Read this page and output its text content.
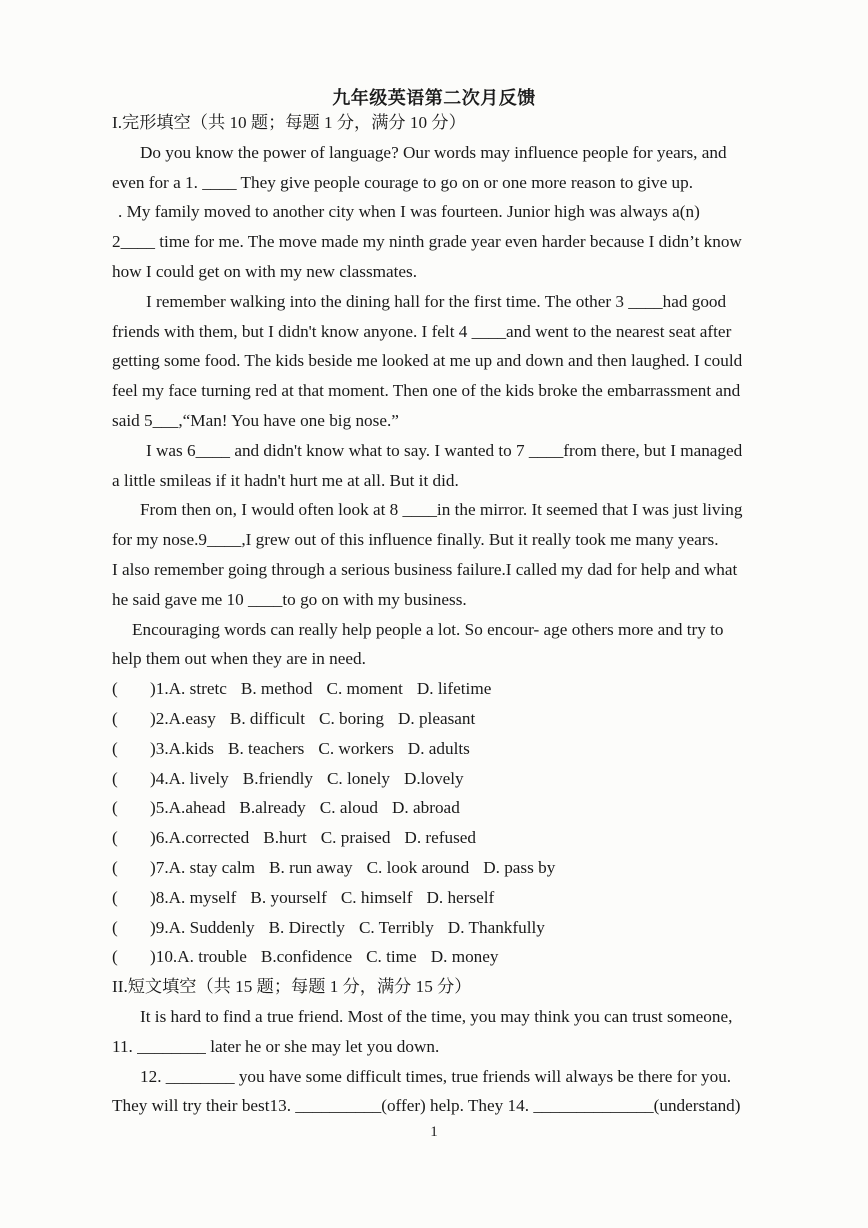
九年级英语第二次月反馈
I.完形填空（共 10 题；每题 1 分，满分 10 分）
Do you know the power of language? Our words may influence people for years, and
even for a 1. ____ They give people courage to go on or one more reason to give up.
. My family moved to another city when I was fourteen. Junior high was always a(n)
2____ time for me. The move made my ninth grade year even harder because I didn’t know
how I could get on with my new classmates.
I remember walking into the dining hall for the first time. The other 3 ____had good
friends with them, but I didn't know anyone. I felt 4 ____and went to the nearest seat after
getting some food. The kids beside me looked at me up and down and then laughed. I could
feel my face turning red at that moment. Then one of the kids broke the embarrassment and
said 5___,“Man! You have one big nose.”
I was 6____ and didn't know what to say. I wanted to 7 ____from there, but I managed
a little smileas if it hadn't hurt me at all. But it did.
From then on, I would often look at 8 ____in the mirror. It seemed that I was just living
for my nose.9____,I grew out of this influence finally. But it really took me many years.
I also remember going through a serious business failure.I called my dad for help and what
he said gave me 10 ____to go on with my business.
Encouraging words can really help people a lot. So encour- age others more and try to
help them out when they are in need.
( )1.A. stretc B. method C. moment D. lifetime
( )2.A.easy B. difficult C. boring D. pleasant
( )3.A.kids B. teachers C. workers D. adults
( )4.A. lively B.friendly C. lonely D.lovely
( )5.A.ahead B.already C. aloud D. abroad
( )6.A.corrected B.hurt C. praised D. refused
( )7.A. stay calm B. run away C. look around D. pass by
( )8.A. myself B. yourself C. himself D. herself
( )9.A. Suddenly B. Directly C. Terribly D. Thankfully
( )10.A. trouble B.confidence C. time D. money
II.短文填空（共 15 题；每题 1 分，满分 15 分）
It is hard to find a true friend. Most of the time, you may think you can trust someone,
11. ________ later he or she may let you down.
12. ________ you have some difficult times, true friends will always be there for you.
They will try their best13. __________(offer) help. They 14. ______________(understand)
1
